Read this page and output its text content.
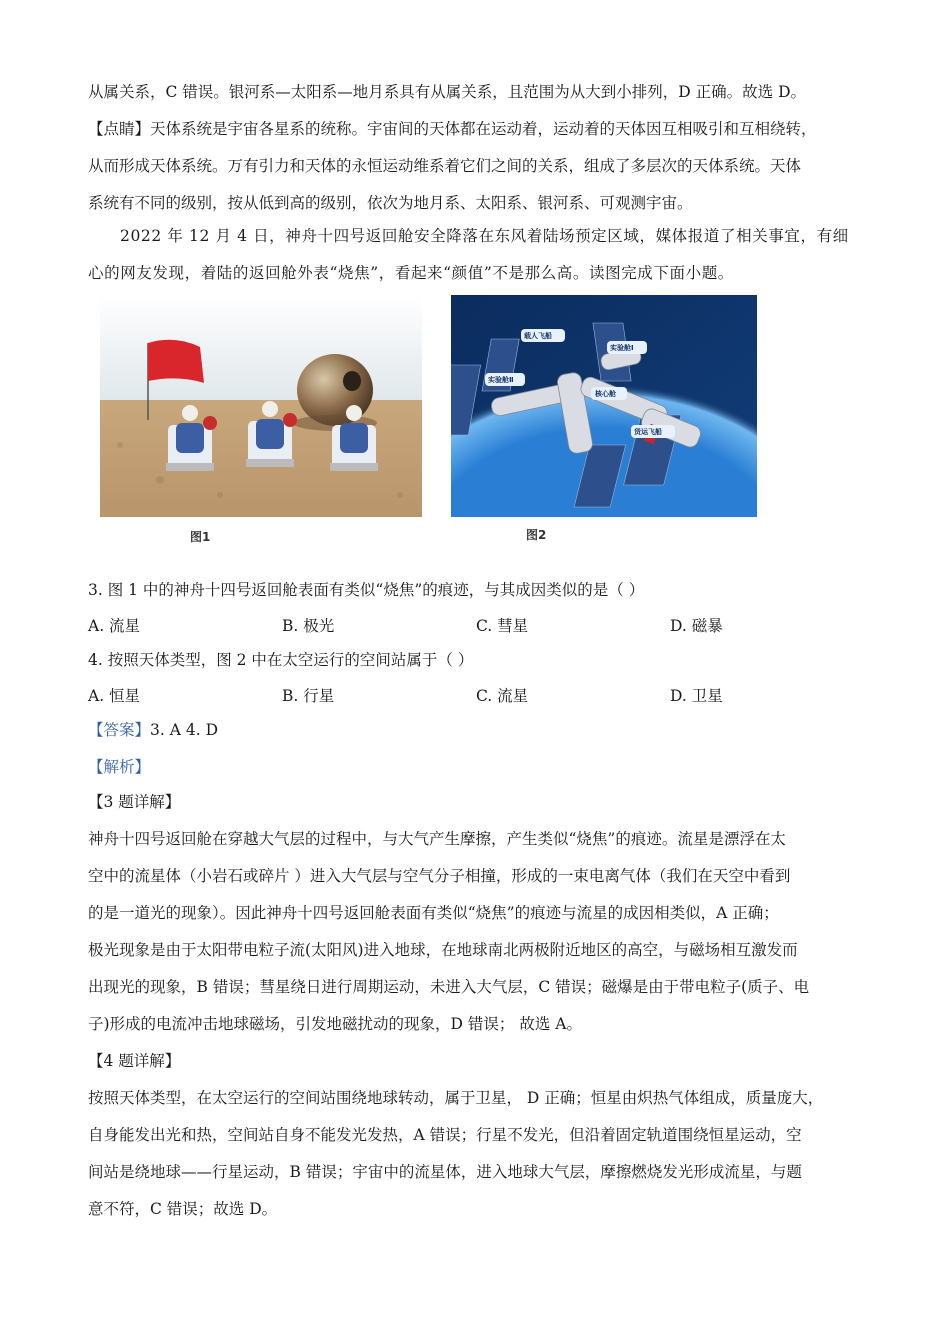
从属关系，C 错误。银河系—太阳系—地月系具有从属关系，且范围为从大到小排列，D 正确。故选 D。
【点睛】天体系统是宇宙各星系的统称。宇宙间的天体都在运动着，运动着的天体因互相吸引和互相绕转，
从而形成天体系统。万有引力和天体的永恒运动维系着它们之间的关系，组成了多层次的天体系统。天体
系统有不同的级别，按从低到高的级别，依次为地月系、太阳系、银河系、可观测宇宙。
2022 年 12 月 4 日，神舟十四号返回舱安全降落在东风着陆场预定区域，媒体报道了相关事宜，有细
心的网友发现，着陆的返回舱外表“烧焦”，看起来“颜值”不是那么高。读图完成下面小题。
图1
载人飞船
实验舱Ⅰ
实验舱Ⅱ
核心舱
货运飞船
图2
3. 图 1 中的神舟十四号返回舱表面有类似“烧焦”的痕迹，与其成因类似的是（ ）
A. 流星	B. 极光	C. 彗星	D. 磁暴
4. 按照天体类型，图 2 中在太空运行的空间站属于（ ）
A. 恒星	B. 行星	C. 流星	D. 卫星
【答案】3. A 4. D
【解析】
【3 题详解】
神舟十四号返回舱在穿越大气层的过程中，与大气产生摩擦，产生类似“烧焦”的痕迹。流星是漂浮在太
空中的流星体（小岩石或碎片 ）进入大气层与空气分子相撞，形成的一束电离气体（我们在天空中看到
的是一道光的现象）。因此神舟十四号返回舱表面有类似“烧焦”的痕迹与流星的成因相类似，A 正确；
极光现象是由于太阳带电粒子流(太阳风)进入地球，在地球南北两极附近地区的高空，与磁场相互激发而
出现光的现象，B 错误；彗星绕日进行周期运动，未进入大气层，C 错误；磁爆是由于带电粒子(质子、电
子)形成的电流冲击地球磁场，引发地磁扰动的现象，D 错误； 故选 A。
【4 题详解】
按照天体类型，在太空运行的空间站围绕地球转动，属于卫星， D 正确；恒星由炽热气体组成，质量庞大，
自身能发出光和热，空间站自身不能发光发热，A 错误；行星不发光，但沿着固定轨道围绕恒星运动，空
间站是绕地球——行星运动，B 错误；宇宙中的流星体，进入地球大气层，摩擦燃烧发光形成流星，与题
意不符，C 错误；故选 D。
